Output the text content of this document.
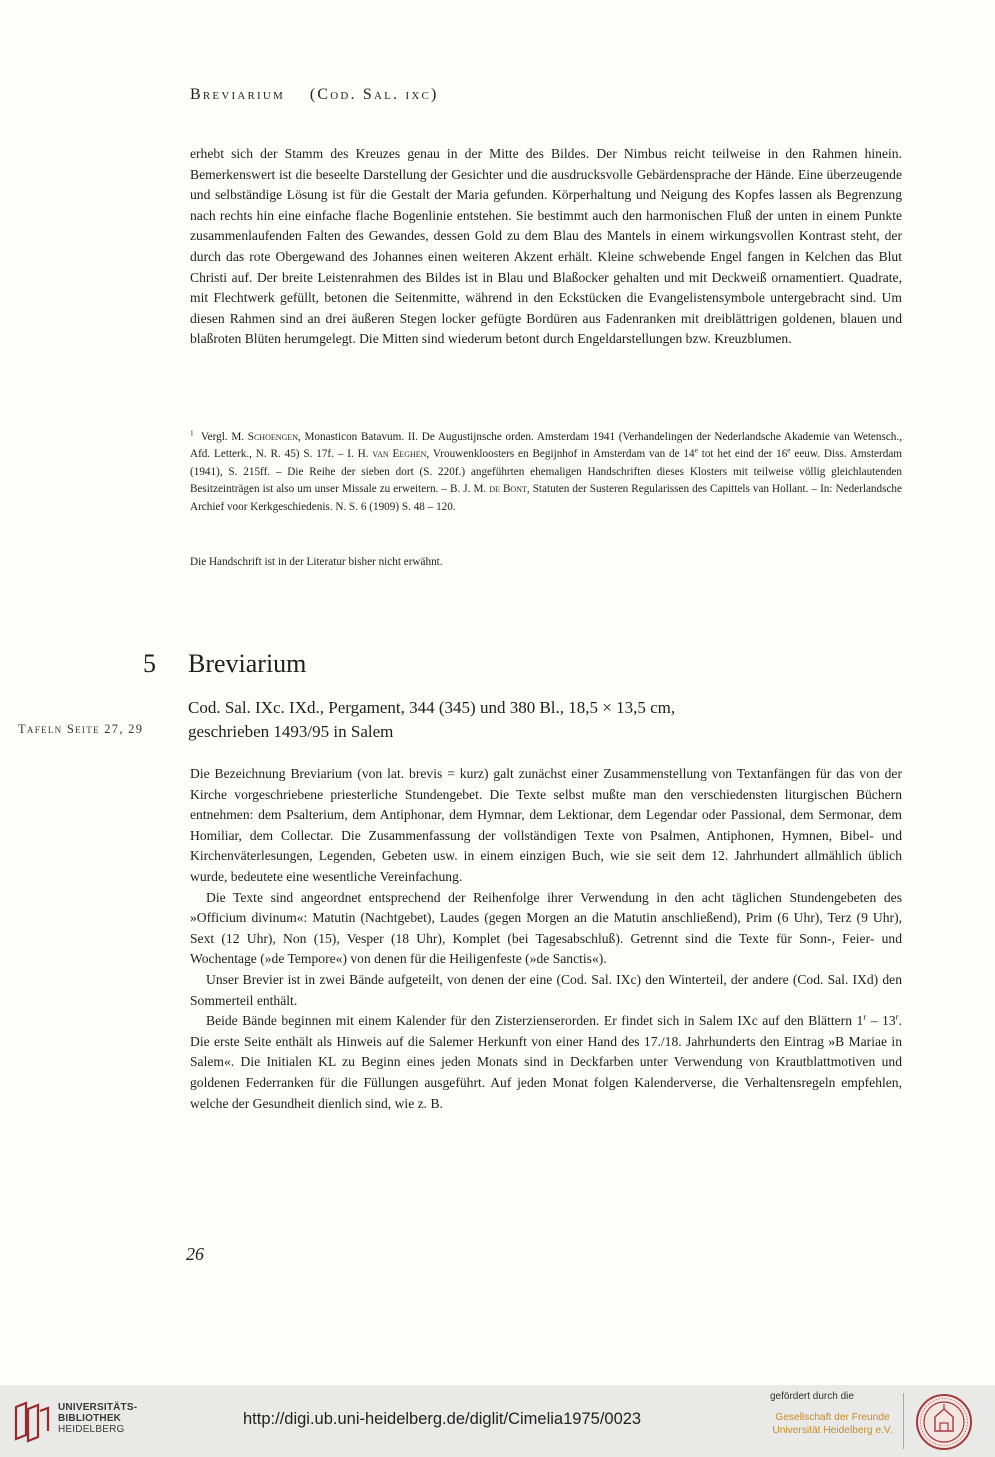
Breviarium (Cod. Sal. ixc)

erhebt sich der Stamm des Kreuzes genau in der Mitte des Bildes. Der Nimbus reicht teilweise in den Rahmen hinein. Bemerkenswert ist die beseelte Darstellung der Gesichter und die ausdrucksvolle Gebärdensprache der Hände. Eine überzeugende und selbständige Lösung ist für die Gestalt der Maria gefunden. Körperhaltung und Neigung des Kopfes lassen als Begrenzung nach rechts hin eine einfache flache Bogenlinie entstehen. Sie bestimmt auch den harmonischen Fluß der unten in einem Punkte zusammenlaufenden Falten des Gewandes, dessen Gold zu dem Blau des Mantels in einem wirkungsvollen Kontrast steht, der durch das rote Obergewand des Johannes einen weiteren Akzent erhält. Kleine schwebende Engel fangen in Kelchen das Blut Christi auf. Der breite Leistenrahmen des Bildes ist in Blau und Blaßocker gehalten und mit Deckweiß ornamentiert. Quadrate, mit Flechtwerk gefüllt, betonen die Seitenmitte, während in den Eckstücken die Evangelistensymbole untergebracht sind. Um diesen Rahmen sind an drei äußeren Stegen locker gefügte Bordüren aus Fadenranken mit dreiblättrigen goldenen, blauen und blaßroten Blüten herumgelegt. Die Mitten sind wiederum betont durch Engeldarstellungen bzw. Kreuzblumen.

$^1$ Vergl. M. Schoengen, Monasticon Batavum. II. De Augustijnsche orden. Amsterdam 1941 (Verhandelingen der Nederlandsche Akademie van Wetensch., Afd. Letterk., N. R. 45) S. 17f. – I. H. van Eeghen, Vrouwenkloosters en Begijnhof in Amsterdam van de 14e tot het eind der 16e eeuw. Diss. Amsterdam (1941), S. 215ff. – Die Reihe der sieben dort (S. 220f.) angeführten ehemaligen Handschriften dieses Klosters mit teilweise völlig gleichlautenden Besitzeinträgen ist also um unser Missale zu erweitern. – B. J. M. de Bont, Statuten der Susteren Regularissen des Capittels van Hollant. – In: Nederlandsche Archief voor Kerkgeschiedenis. N. S. 6 (1909) S. 48 – 120.

Die Handschrift ist in der Literatur bisher nicht erwähnt.

5 Breviarium
Cod. Sal. IXc. IXd., Pergament, 344 (345) und 380 Bl., 18,5 × 13,5 cm,
geschrieben 1493/95 in Salem
Tafeln Seite 27, 29

Die Bezeichnung Breviarium (von lat. brevis = kurz) galt zunächst einer Zusammenstellung von Textanfängen für das von der Kirche vorgeschriebene priesterliche Stundengebet. Die Texte selbst mußte man den verschiedensten liturgischen Büchern entnehmen: dem Psalterium, dem Antiphonar, dem Hymnar, dem Lektionar, dem Legendar oder Passional, dem Sermonar, dem Homiliar, dem Collectar. Die Zusammenfassung der vollständigen Texte von Psalmen, Antiphonen, Hymnen, Bibel- und Kirchenväterlesungen, Legenden, Gebeten usw. in einem einzigen Buch, wie sie seit dem 12. Jahrhundert allmählich üblich wurde, bedeutete eine wesentliche Vereinfachung.

Die Texte sind angeordnet entsprechend der Reihenfolge ihrer Verwendung in den acht täglichen Stundengebeten des »Officium divinum«: Matutin (Nachtgebet), Laudes (gegen Morgen an die Matutin anschließend), Prim (6 Uhr), Terz (9 Uhr), Sext (12 Uhr), Non (15), Vesper (18 Uhr), Komplet (bei Tagesabschluß). Getrennt sind die Texte für Sonn-, Feier- und Wochentage (»de Tempore«) von denen für die Heiligenfeste (»de Sanctis«).

Unser Brevier ist in zwei Bände aufgeteilt, von denen der eine (Cod. Sal. IXc) den Winterteil, der andere (Cod. Sal. IXd) den Sommerteil enthält.

Beide Bände beginnen mit einem Kalender für den Zisterzienserorden. Er findet sich in Salem IXc auf den Blättern 1$^r$ – 13$^r$. Die erste Seite enthält als Hinweis auf die Salemer Herkunft von einer Hand des 17./18. Jahrhunderts den Eintrag »B Mariae in Salem«. Die Initialen KL zu Beginn eines jeden Monats sind in Deckfarben unter Verwendung von Krautblattmotiven und goldenen Federranken für die Füllungen ausgeführt. Auf jeden Monat folgen Kalenderverse, die Verhaltensregeln empfehlen, welche der Gesundheit dienlich sind, wie z. B.

26
UNIVERSITÄTS-
BIBLIOTHEK
HEIDELBERG
http://digi.ub.uni-heidelberg.de/diglit/Cimelia1975/0023
gefördert durch die
Gesellschaft der Freunde
Universität Heidelberg e.V.
